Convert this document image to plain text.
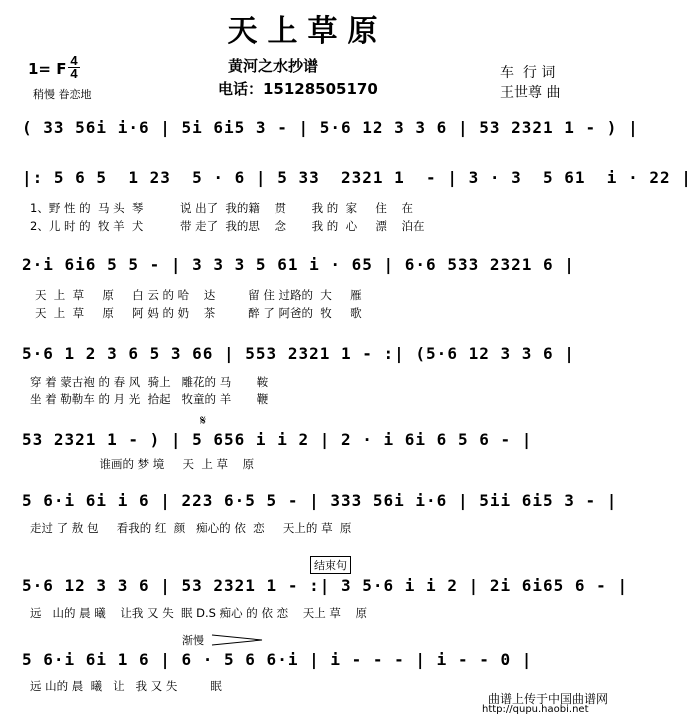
天上草原
1= F 4
4
稍慢 眷恋地
黄河之水抄谱
电话：15128505170
车  行 词
王世尊 曲
( 33 56i i·6 | 5i 6i5 3 - | 5·6 12 3 3 6 | 53 2321 1 - ) |
|: 5 6 5  1 23  5 · 6 | 5 33  2321 1  - | 3 · 3  5 61  i · 22 |
1、野 性 的  马 头  琴          说 出了  我的籍    贯       我 的  家     住    在
2、儿 时 的  牧 羊  犬          带 走了  我的思    念       我 的  心     漂    泊在
2·i 6i6 5 5 - | 3 3 3 5 61 i · 65 | 6·6 533 2321 6 |
天  上  草     原     白 云 的 哈    达         留 住 过路的  大     雁
天  上  草     原     阿 妈 的 奶    茶         醉 了 阿爸的  牧     歌
5·6 1 2 3 6 5 3 66 | 553 2321 1 - :| (5·6 12 3 3 6 |
穿 着 蒙古袍 的 春 风  骑上   雕花的 马       鞍
坐 着 勒勒车 的 月 光  拾起   牧童的 羊       鞭
𝄋
53 2321 1 - ) | 5 656 i i 2 | 2 · i 6i 6 5 6 - |
谁画的 梦 境     天  上 草    原
5 6·i 6i i 6 | 223 6·5 5 - | 333 56i i·6 | 5ii 6i5 3 - |
走过 了 敖 包     看我的 红  颜   痴心的 依  恋     天上的 草  原
结束句
5·6 12 3 3 6 | 53 2321 1 - :| 3 5·6 i i 2 | 2i 6i65 6 - |
远   山的 晨 曦    让我 又 失  眠 D.S 痴心 的 依 恋    天上 草    原
渐慢
5 6·i 6i 1 6 | 6 · 5 6 6·i | i - - - | i - - 0 |
远 山的 晨  曦   让   我 又 失         眠
曲谱上传于中国曲谱网
http://qupu.haobi.net
